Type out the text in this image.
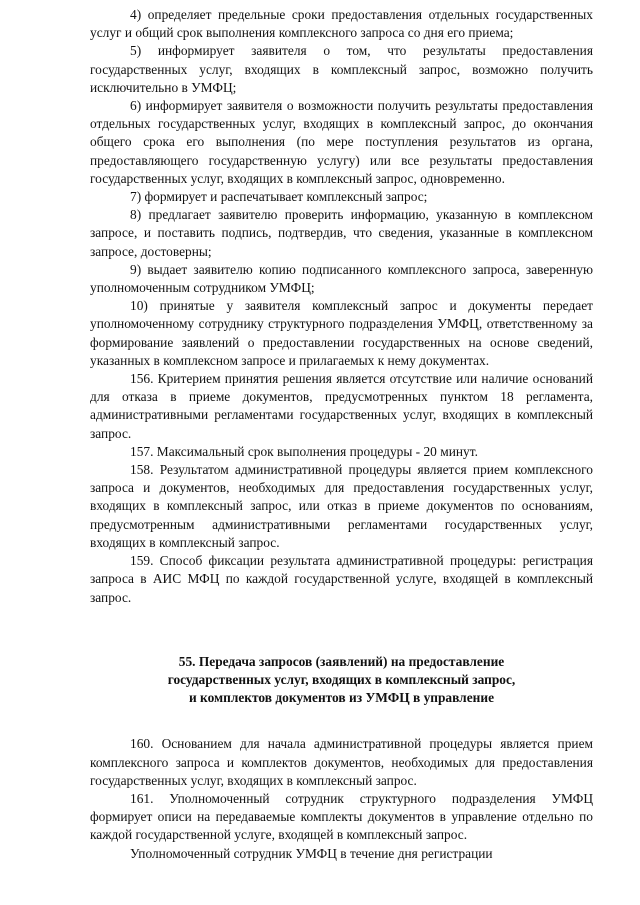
4) определяет предельные сроки предоставления отдельных государственных услуг и общий срок выполнения комплексного запроса со дня его приема;

5) информирует заявителя о том, что результаты предоставления государственных услуг, входящих в комплексный запрос, возможно получить исключительно в УМФЦ;

6) информирует заявителя о возможности получить результаты предоставления отдельных государственных услуг, входящих в комплексный запрос, до окончания общего срока его выполнения (по мере поступления результатов из органа, предоставляющего государственную услугу) или все результаты предоставления государственных услуг, входящих в комплексный запрос, одновременно.

7) формирует и распечатывает комплексный запрос;

8) предлагает заявителю проверить информацию, указанную в комплексном запросе, и поставить подпись, подтвердив, что сведения, указанные в комплексном запросе, достоверны;

9) выдает заявителю копию подписанного комплексного запроса, заверенную уполномоченным сотрудником УМФЦ;

10) принятые у заявителя комплексный запрос и документы передает уполномоченному сотруднику структурного подразделения УМФЦ, ответственному за формирование заявлений о предоставлении государственных на основе сведений, указанных в комплексном запросе и прилагаемых к нему документах.

156. Критерием принятия решения является отсутствие или наличие оснований для отказа в приеме документов, предусмотренных пунктом 18 регламента, административными регламентами государственных услуг, входящих в комплексный запрос.

157. Максимальный срок выполнения процедуры - 20 минут.

158. Результатом административной процедуры является прием комплексного запроса и документов, необходимых для предоставления государственных услуг, входящих в комплексный запрос, или отказ в приеме документов по основаниям, предусмотренным административными регламентами государственных услуг, входящих в комплексный запрос.

159. Способ фиксации результата административной процедуры: регистрация запроса в АИС МФЦ по каждой государственной услуге, входящей в комплексный запрос.

55. Передача запросов (заявлений) на предоставление
государственных услуг, входящих в комплексный запрос,
и комплектов документов из УМФЦ в управление

160. Основанием для начала административной процедуры является прием комплексного запроса и комплектов документов, необходимых для предоставления государственных услуг, входящих в комплексный запрос.

161. Уполномоченный сотрудник структурного подразделения УМФЦ формирует описи на передаваемые комплекты документов в управление отдельно по каждой государственной услуге, входящей в комплексный запрос.

Уполномоченный сотрудник УМФЦ в течение дня регистрации
